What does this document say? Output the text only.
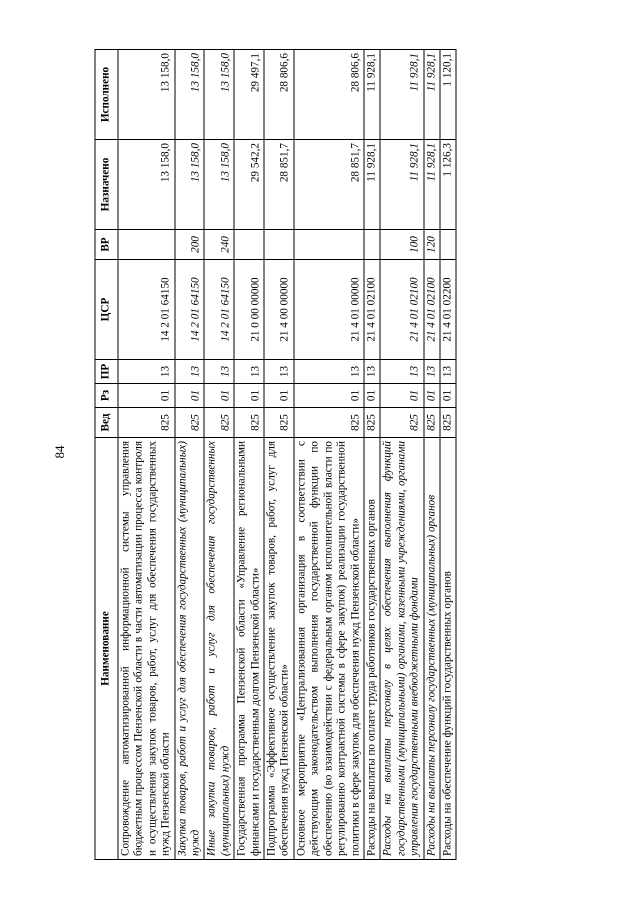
84
Наименование	Вед	Рз	ПР	ЦСР	ВР	Назначено	Исполнено
Сопровождение автоматизированной информационной системы управления бюджетным процессом Пензенской области в части автоматизации процесса контроля и осуществления закупок товаров, работ, услуг для обеспечения государственных нужд Пензенской области	825	01	13	14 2 01 64150		13 158,0	13 158,0
Закупка товаров, работ и услуг для обеспечения государственных (муниципальных) нужд	825	01	13	14 2 01 64150	200	13 158,0	13 158,0
Иные закупки товаров, работ и услуг для обеспечения государственных (муниципальных) нужд	825	01	13	14 2 01 64150	240	13 158,0	13 158,0
Государственная программа Пензенской области «Управление региональными финансами и государственным долгом Пензенской области»	825	01	13	21 0 00 00000		29 542,2	29 497,1
Подпрограмма «Эффективное осуществление закупок товаров, работ, услуг для обеспечения нужд Пензенской области»	825	01	13	21 4 00 00000		28 851,7	28 806,6
Основное мероприятие «Централизованная организация в соответствии с действующим законодательством выполнения государственной функции по обеспечению (во взаимодействии с федеральным органом исполнительной власти по регулированию контрактной системы в сфере закупок) реализации государственной политики в сфере закупок для обеспечения нужд Пензенской области»	825	01	13	21 4 01 00000		28 851,7	28 806,6
Расходы на выплаты по оплате труда работников государственных органов	825	01	13	21 4 01 02100		11 928,1	11 928,1
Расходы на выплаты персоналу в целях обеспечения выполнения функций государственными (муниципальными) органами, казенными учреждениями, органами управления государственными внебюджетными фондами	825	01	13	21 4 01 02100	100	11 928,1	11 928,1
Расходы на выплаты персоналу государственных (муниципальных) органов	825	01	13	21 4 01 02100	120	11 928,1	11 928,1
Расходы на обеспечение функций государственных органов	825	01	13	21 4 01 02200		1 126,3	1 120,1
